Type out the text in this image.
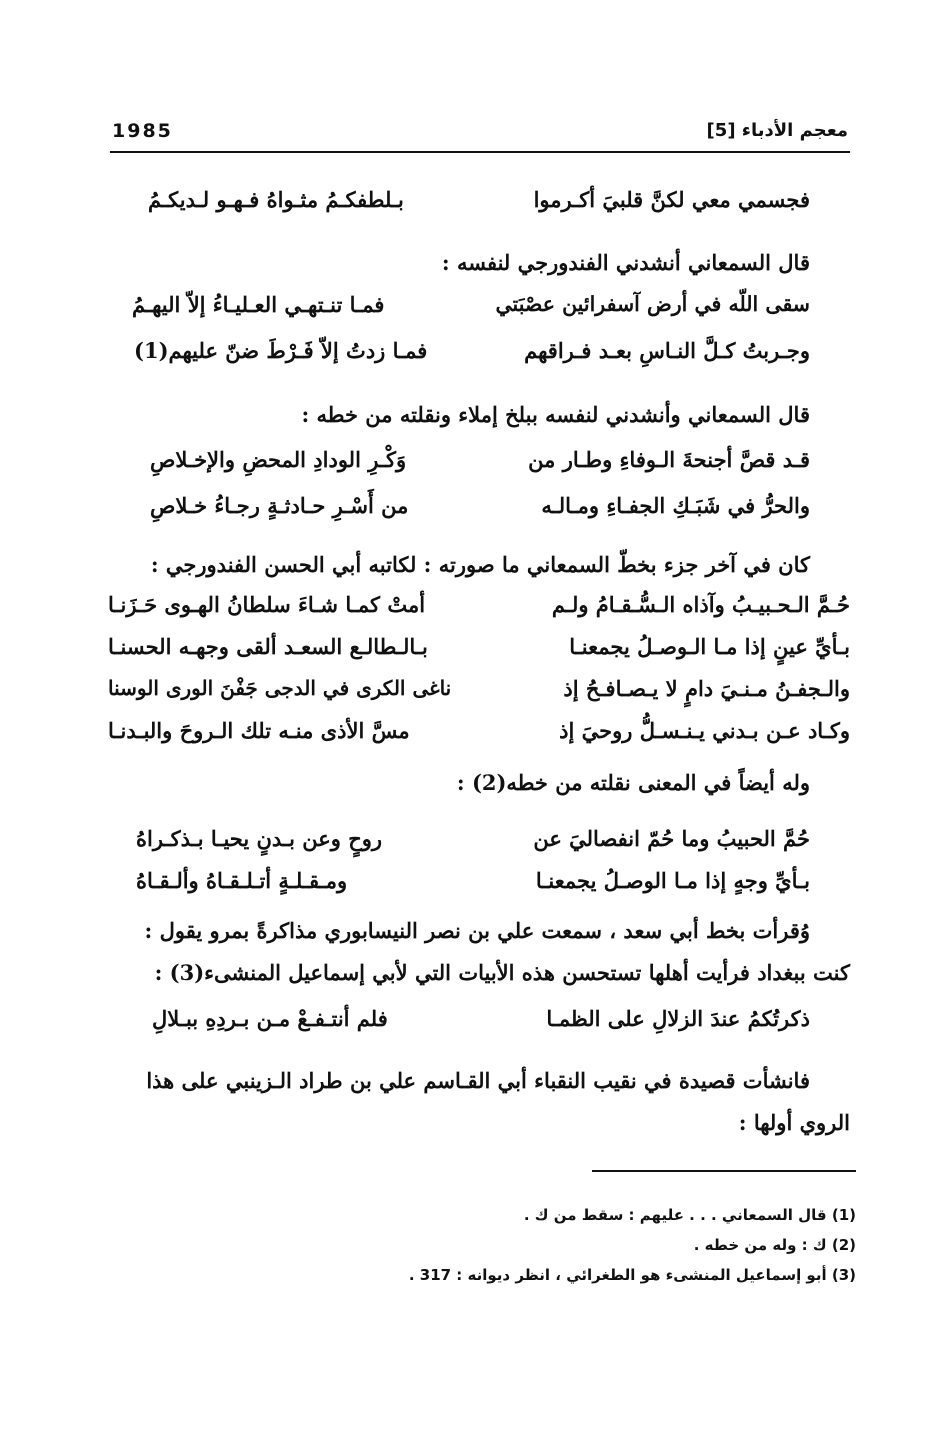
1985	معجم الأدباء [5]
فجسمي معي لكنَّ قلبيَ أكـرموا
بـلطفكـمُ مثـواهُ فـهـو لـديكـمُ
قال السمعاني أنشدني الفندورجي لنفسه :
سقى اللّه في أرض آسفرائين عصْبَتي
فمـا تنـتهـي العـليـاءُ إلاّ اليهـمُ
وجـربتُ كـلَّ النـاسِ بعـد فـراقهم
فمـا زدتُ إلاّ فَـرْطَ ضنّ عليهم(1)
قال السمعاني وأنشدني لنفسه ببلخ إملاء ونقلته من خطه :
قـد قصَّ أجنحةَ الـوفاءِ وطـار من
وَكْـرِ الودادِ المحضِ والإخـلاصِ
والحرُّ في شَبَـكِ الجفـاءِ ومـالـه
من أَسْـرِ حـادثـةٍ رجـاءُ خـلاصِ
كان في آخر جزء بخطّ السمعاني ما صورته : لكاتبه أبي الحسن الفندورجي :
حُـمَّ الـحـبيـبُ وآذاه الـسُّـقـامُ ولـم
أمتْ كمـا شـاءَ سلطانُ الهـوى حَـزَنـا
بـأيِّ عينٍ إذا مـا الـوصـلُ يجمعنـا
بـالـطالـع السعـد ألقى وجهـه الحسنـا
والـجفـنُ مـنـيَ دامٍ لا يـصـافـحُ إذ
ناغى الكرى في الدجى جَفْنَ الورى الوسنا
وكـاد عـن بـدني يـنـسـلُّ روحيَ إذ
مسَّ الأذى منـه تلك الـروحَ والبـدنـا
وله أيضاً في المعنى نقلته من خطه(2) :
حُمَّ الحبيبُ وما حُمّ انفصاليَ عن
روحٍ وعن بـدنٍ يحيـا بـذكـراهُ
بـأيِّ وجهٍ إذا مـا الوصـلُ يجمعنـا
ومـقـلـةٍ أتـلـقـاهُ وألـقـاهُ
وُقرأت بخط أبي سعد ، سمعت علي بن نصر النيسابوري مذاكرةً بمرو يقول :
كنت ببغداد فرأيت أهلها تستحسن هذه الأبيات التي لأبي إسماعيل المنشىء(3) :
ذكرتُكمُ عندَ الزلالِ على الظمـا
فلم أنتـفـعْ مـن بـردِهِ ببـلالِ
فانشأت قصيدة في نقيب النقباء أبي القـاسم علي بن طراد الـزينبي على هذا
الروي أولها :
(1) قال السمعاني . . . عليهم : سقط من ك .
(2) ك : وله من خطه .
(3) أبو إسماعيل المنشىء هو الطغرائي ، انظر ديوانه : 317 .
